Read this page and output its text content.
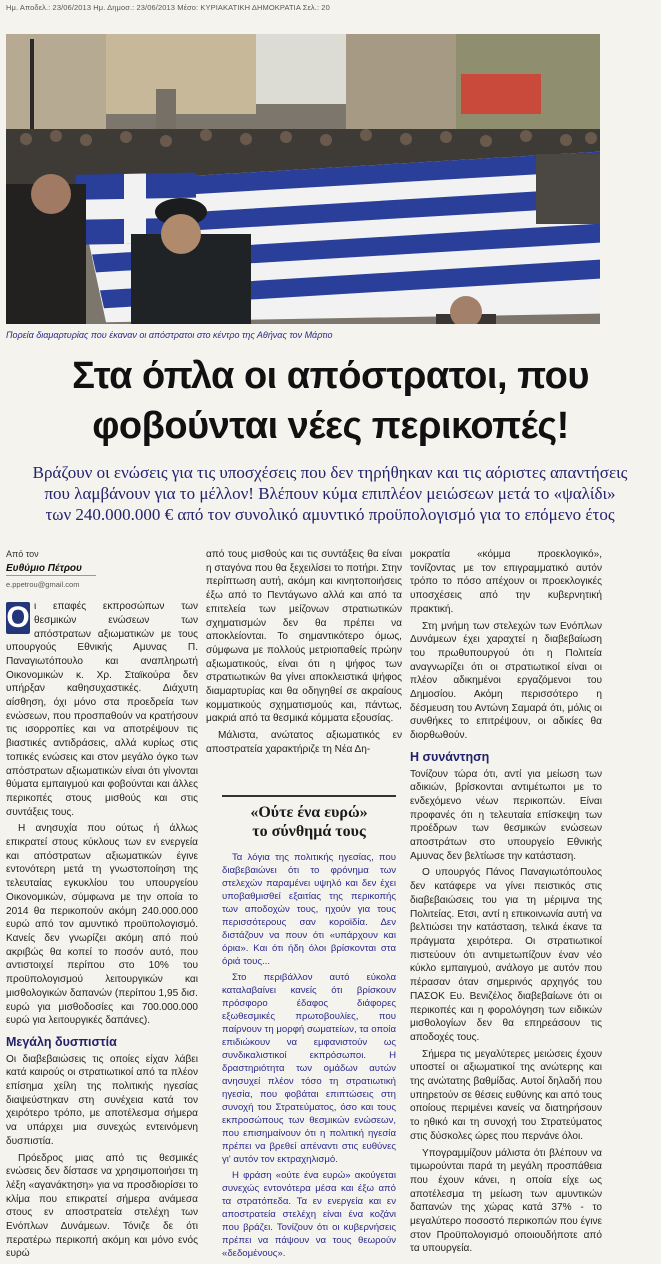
Ημ. Αποδελ.: 23/06/2013 Ημ. Δημοσ.: 23/06/2013 Μέσο: ΚΥΡΙΑΚΑΤΙΚΗ ΔΗΜΟΚΡΑΤΙΑ Σελ.: 20
Πορεία διαμαρτυρίας που έκαναν οι απόστρατοι στο κέντρο της Αθήνας τον Μάρτιο
Στα όπλα οι απόστρατοι, που
φοβούνται νέες περικοπές!
Βράζουν οι ενώσεις για τις υποσχέσεις που δεν τηρήθηκαν και τις αόριστες απαντήσεις
που λαμβάνουν για το μέλλον! Βλέπουν κύμα επιπλέον μειώσεων μετά το «ψαλίδι»
των 240.000.000 € από τον συνολικό αμυντικό προϋπολογισμό για το επόμενο έτος
Από τον
Ευθύμιο Πέτρου
e.ppetrou@gmail.com

Ο ι επαφές εκπροσώπων των θεσμικών ενώσεων των απόστρατων αξιωματικών με τους υπουργούς Εθνικής Αμυνας Π. Παναγιωτόπουλο και αναπληρωτή Οικονομικών κ. Χρ. Σταϊκούρα δεν υπήρξαν καθησυχαστικές. Διάχυτη αίσθηση, όχι μόνο στα προεδρεία των ενώσεων, που προσπαθούν να κρατήσουν τις ισορροπίες και να αποτρέψουν τις βιαστικές αντιδράσεις, αλλά κυρίως στις τοπικές ενώσεις και στον μεγάλο όγκο των απόστρατων αξιωματικών είναι ότι γίνονται θύματα εμπαιγμού και φοβούνται και άλλες περικοπές στους μισθούς και στις συντάξεις τους.

Η ανησυχία που ούτως ή άλλως επικρατεί στους κύκλους των εν ενεργεία και απόστρατων αξιωματικών έγινε εντονότερη μετά τη γνωστοποίηση της τελευταίας εγκυκλίου του υπουργείου Οικονομικών, σύμφωνα με την οποία το 2014 θα περικοπούν ακόμη 240.000.000 ευρώ από τον αμυντικό προϋπολογισμό. Κανείς δεν γνωρίζει ακόμη από πού ακριβώς θα κοπεί το ποσόν αυτό, που αντιστοιχεί περίπου στο 10% του προϋπολογισμού λειτουργικών και μισθολογικών δαπανών (περίπου 1,95 δισ. ευρώ για μισθοδοσίες και 700.000.000 ευρώ για λειτουργικές δαπάνες).

Μεγάλη δυσπιστία

Οι διαβεβαιώσεις τις οποίες είχαν λάβει κατά καιρούς οι στρατιωτικοί από τα πλέον επίσημα χείλη της πολιτικής ηγεσίας διαψεύστηκαν στη συνέχεια κατά τον χειρότερο τρόπο, με αποτέλεσμα σήμερα να υπάρχει μια συνεχώς εντεινόμενη δυσπιστία.

Πρόεδρος μιας από τις θεσμικές ενώσεις δεν δίστασε να χρησιμοποιήσει τη λέξη «αγανάκτηση» για να προσδιορίσει το κλίμα που επικρατεί σήμερα ανάμεσα στους εν αποστρατεία στελέχη των Ενόπλων Δυνάμεων. Τόνιζε δε ότι περατέρω περικοπή ακόμη και μόνο ενός ευρώ

από τους μισθούς και τις συντάξεις θα είναι η σταγόνα που θα ξεχειλίσει το ποτήρι. Στην περίπτωση αυτή, ακόμη και κινητοποιήσεις έξω από το Πεντάγωνο αλλά και από τα επιτελεία των μείζονων στρατιωτικών σχηματισμών δεν θα πρέπει να αποκλείονται. Το σημαντικότερο όμως, σύμφωνα με πολλούς μετριοπαθείς πρώην αξιωματικούς, είναι ότι η ψήφος των στρατιωτικών θα γίνει αποκλειστικά ψήφος διαμαρτυρίας και θα οδηγηθεί σε ακραίους κομματικούς σχηματισμούς και, πάντως, μακριά από τα θεσμικά κόμματα εξουσίας.

Μάλιστα, ανώτατος αξιωματικός εν αποστρατεία χαρακτήριζε τη Νέα Δη-

«Ούτε ένα ευρώ»
το σύνθημά τους

Τα λόγια της πολιτικής ηγεσίας, που διαβεβαιώνει ότι το φρόνημα των στελεχών παραμένει υψηλό και δεν έχει υποβαθμισθεί εξαιτίας της περικοπής των αποδοχών τους, ηχούν για τους περισσότερους σαν κοροϊδία. Δεν διστάζουν να πουν ότι «υπάρχουν και όρια». Και ότι ήδη όλοι βρίσκονται στα όριά τους...

Στο περιβάλλον αυτό εύκολα καταλαβαίνει κανείς ότι βρίσκουν πρόσφορο έδαφος διάφορες εξωθεσμικές πρωτοβουλίες, που παίρνουν τη μορφή σωματείων, τα οποία επιδιώκουν να εμφανιστούν ως συνδικαλιστικοί εκπρόσωποι. Η δραστηριότητα των ομάδων αυτών ανησυχεί πλέον τόσο τη στρατιωτική ηγεσία, που φοβάται επιπτώσεις στη συνοχή του Στρατεύματος, όσο και τους εκπροσώπους των θεσμικών ενώσεων, που επισημαίνουν ότι η πολιτική ηγεσία πρέπει να βρεθεί απέναντι στις ευθύνες γι' αυτόν τον εκτραχηλισμό.

Η φράση «ούτε ένα ευρώ» ακούγεται συνεχώς εντονότερα μέσα και έξω από τα στρατόπεδα. Τα εν ενεργεία και εν αποστρατεία στελέχη είναι ένα κοζάνι που βράζει. Τονίζουν ότι οι κυβερνήσεις πρέπει να πάψουν να τους θεωρούν «δεδομένους».

μοκρατία «κόμμα προεκλογικό», τονίζοντας με τον επιγραμματικό αυτόν τρόπο το πόσο απέχουν οι προεκλογικές υποσχέσεις από την κυβερνητική πρακτική.

Στη μνήμη των στελεχών των Ενόπλων Δυνάμεων έχει χαραχτεί η διαβεβαίωση του πρωθυπουργού ότι η Πολιτεία αναγνωρίζει ότι οι στρατιωτικοί είναι οι πλέον αδικημένοι εργαζόμενοι του Δημοσίου. Ακόμη περισσότερο η δέσμευση του Αντώνη Σαμαρά ότι, μόλις οι συνθήκες το επιτρέψουν, οι αδικίες θα διορθωθούν.

Η συνάντηση

Τονίζουν τώρα ότι, αντί για μείωση των αδικιών, βρίσκονται αντιμέτωποι με το ενδεχόμενο νέων περικοπών. Είναι προφανές ότι η τελευταία επίσκεψη των προέδρων των θεσμικών ενώσεων αποστράτων στο υπουργείο Εθνικής Αμυνας δεν βελτίωσε την κατάσταση.

Ο υπουργός Πάνος Παναγιωτόπουλος δεν κατάφερε να γίνει πειστικός στις διαβεβαιώσεις του για τη μέριμνα της Πολιτείας. Ετσι, αντί η επικοινωνία αυτή να βελτιώσει την κατάσταση, τελικά έκανε τα πράγματα χειρότερα. Οι στρατιωτικοί πιστεύουν ότι αντιμετωπίζουν έναν νέο κύκλο εμπαιγμού, ανάλογο με αυτόν που πέρασαν όταν σημερινός αρχηγός του ΠΑΣΟΚ Ευ. Βενιζέλος διαβεβαίωνε ότι οι περικοπές και η φορολόγηση των ειδικών μισθολογίων δεν θα επηρεάσουν τις αποδοχές τους.

Σήμερα τις μεγαλύτερες μειώσεις έχουν υποστεί οι αξιωματικοί της ανώτερης και της ανώτατης βαθμίδας. Αυτοί δηλαδή που υπηρετούν σε θέσεις ευθύνης και από τους οποίους περιμένει κανείς να διατηρήσουν το ηθικό και τη συνοχή του Στρατεύματος στις δύσκολες ώρες που περνάνε όλοι.

Υπογραμμίζουν μάλιστα ότι βλέπουν να τιμωρούνται παρά τη μεγάλη προσπάθεια που έχουν κάνει, η οποία είχε ως αποτέλεσμα τη μείωση των αμυντικών δαπανών της χώρας κατά 37% - το μεγαλύτερο ποσοστό περικοπών που έγινε στον Προϋπολογισμό οποιουδήποτε από τα υπουργεία.
